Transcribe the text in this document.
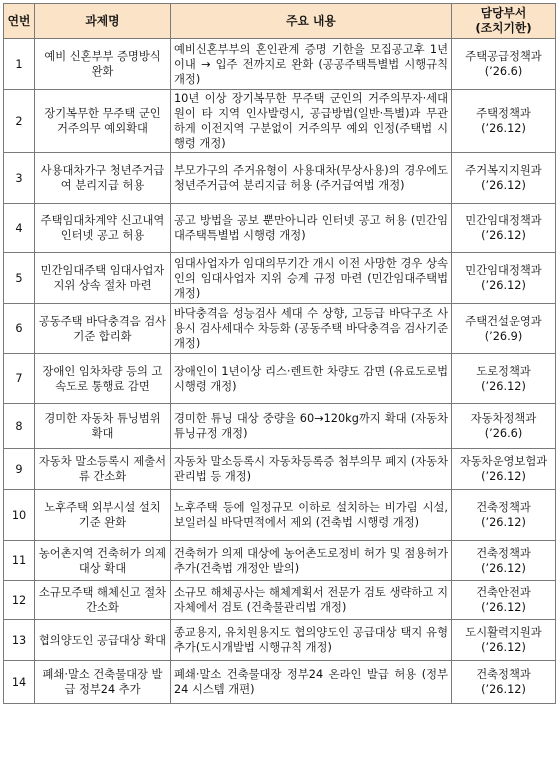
연번	과제명	주요 내용	담당부서
(조치기한)

1	예비 신혼부부 증명방식 완화	예비신혼부부의 혼인관계 증명 기한을 모집공고후 1년이내 → 입주 전까지로 완화 (공공주택특별법 시행규칙 개정)	주택공급정책과
(’26.6)

2	장기복무한 무주택 군인 거주의무 예외확대	10년 이상 장기복무한 무주택 군인의 거주의무자·세대원이 타 지역 인사발령시, 공급방법(일반·특별)과 무관하게 이전지역 구분없이 거주의무 예외 인정(주택법 시행령 개정)	주택정책과
(’26.12)

3	사용대차가구 청년주거급여 분리지급 허용	부모가구의 주거유형이 사용대차(무상사용)의 경우에도 청년주거급여 분리지급 허용 (주거급여법 개정)	주거복지지원과
(’26.12)

4	주택임대차계약 신고내역 인터넷 공고 허용	공고 방법을 공보 뿐만아니라 인터넷 공고 허용 (민간임대주택특별법 시행령 개정)	민간임대정책과
(’26.12)

5	민간임대주택 임대사업자 지위 상속 절차 마련	임대사업자가 임대의무기간 개시 이전 사망한 경우 상속인의 임대사업자 지위 승계 규정 마련 (민간임대주택법 개정)	민간임대정책과
(’26.12)

6	공동주택 바닥충격음 검사기준 합리화	바닥충격음 성능검사 세대 수 상향, 고등급 바닥구조 사용시 검사세대수 차등화 (공동주택 바닥충격음 검사기준 개정)	주택건설운영과
(’26.9)

7	장애인 임차차량 등의 고속도로 통행료 감면	장애인이 1년이상 리스·렌트한 차량도 감면 (유료도로법 시행령 개정)	도로정책과
(’26.12)

8	경미한 자동차 튜닝범위 확대	경미한 튜닝 대상 중량을 60→120kg까지 확대 (자동차 튜닝규정 개정)	자동차정책과
(’26.6)

9	자동차 말소등록시 제출서류 간소화	자동차 말소등록시 자동차등록증 첨부의무 폐지 (자동차관리법 등 개정)	자동차운영보험과
(’26.12)

10	노후주택 외부시설 설치 기준 완화	노후주택 등에 일정규모 이하로 설치하는 비가림 시설, 보일러실 바닥면적에서 제외 (건축법 시행령 개정)	건축정책과
(’26.12)

11	농어촌지역 건축허가 의제대상 확대	건축허가 의제 대상에 농어촌도로정비 허가 및 점용허가 추가(건축법 개정안 발의)	건축정책과
(’26.12)

12	소규모주택 해체신고 절차 간소화	소규모 해체공사는 해체계획서 전문가 검토 생략하고 지자체에서 검토 (건축물관리법 개정)	건축안전과
(’26.12)

13	협의양도인 공급대상 확대	종교용지, 유치원용지도 협의양도인 공급대상 택지 유형 추가(도시개발법 시행규칙 개정)	도시활력지원과
(’26.12)

14	폐쇄·말소 건축물대장 발급 정부24 추가	폐쇄·말소 건축물대장 정부24 온라인 발급 허용 (정부24 시스템 개편)	건축정책과
(’26.12)
